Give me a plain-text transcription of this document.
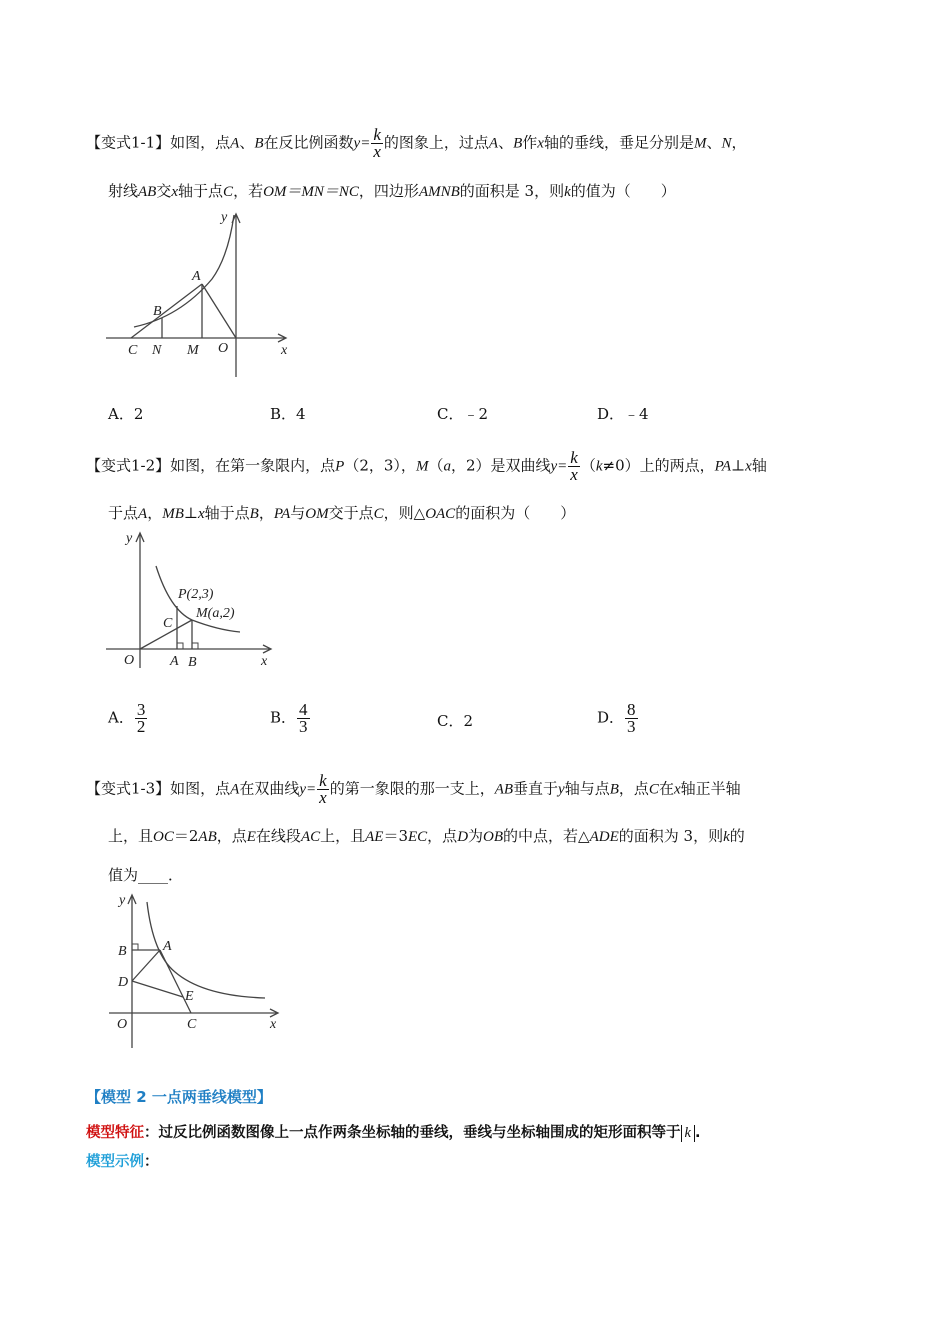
【变式1-1】如图，点A、B在反比例函数$y= \frac{k}{x}$ 的图象上，过点A、B作x轴的垂线，垂足分别是M、N，
射线AB交x轴于点C，若OM＝MN＝NC，四边形AMNB的面积是 3，则k的值为（　　）
y
A
B
C N M O	x
A．2	B．4	C．﹣2	D．﹣4
【变式1-2】如图，在第一象限内，点P（2，3），M（a，2）是双曲线$y= \frac{k}{x} (k\ne 0)$上的两点，PA⊥x轴
于点A，MB⊥x轴于点B，PA与OM交于点C，则△OAC的面积为（　　）
y
P(2,3)
M(a,2)
C
O	A B	x
A． $\frac{3}{2}$	B． $\frac{4}{3}$	C．2	D． $\frac{8}{3}$
【变式1-3】如图，点A在双曲线$y= \frac{k}{x}$ 的第一象限的那一支上，AB垂直于y轴与点B，点C在x轴正半轴
上，且OC＝2AB，点E在线段AC上，且AE＝3EC，点D为OB的中点，若△ADE的面积为 3，则k的
值为____．
y
B	A
D
E
O	C	x
【模型 2 一点两垂线模型】
模型特征：过反比例函数图像上一点作两条坐标轴的垂线，垂线与坐标轴围成的矩形面积等于 k .
模型示例：
